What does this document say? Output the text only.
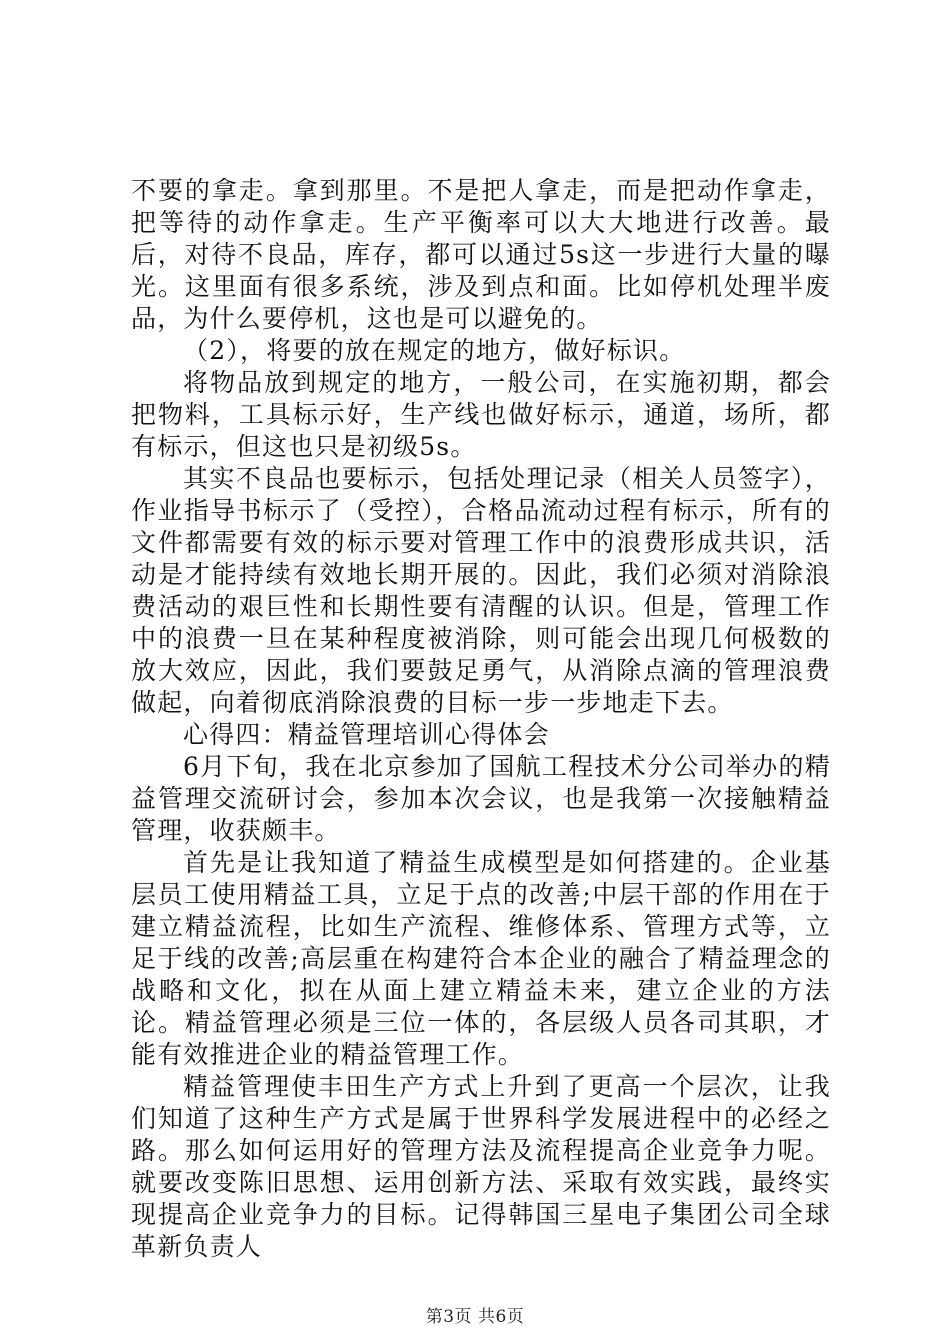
不要的拿走。拿到那里。不是把人拿走，而是把动作拿走，把等待的动作拿走。生产平衡率可以大大地进行改善。最后，对待不良品，库存，都可以通过5s这一步进行大量的曝光。这里面有很多系统，涉及到点和面。比如停机处理半废品，为什么要停机，这也是可以避免的。

（2），将要的放在规定的地方，做好标识。

将物品放到规定的地方，一般公司，在实施初期，都会把物料，工具标示好，生产线也做好标示，通道，场所，都有标示，但这也只是初级5s。

其实不良品也要标示，包括处理记录（相关人员签字），作业指导书标示了（受控），合格品流动过程有标示，所有的文件都需要有效的标示要对管理工作中的浪费形成共识，活动是才能持续有效地长期开展的。因此，我们必须对消除浪费活动的艰巨性和长期性要有清醒的认识。但是，管理工作中的浪费一旦在某种程度被消除，则可能会出现几何极数的放大效应，因此，我们要鼓足勇气，从消除点滴的管理浪费做起，向着彻底消除浪费的目标一步一步地走下去。

心得四：精益管理培训心得体会

6月下旬，我在北京参加了国航工程技术分公司举办的精益管理交流研讨会，参加本次会议，也是我第一次接触精益管理，收获颇丰。

首先是让我知道了精益生成模型是如何搭建的。企业基层员工使用精益工具，立足于点的改善;中层干部的作用在于建立精益流程，比如生产流程、维修体系、管理方式等，立足于线的改善;高层重在构建符合本企业的融合了精益理念的战略和文化，拟在从面上建立精益未来，建立企业的方法论。精益管理必须是三位一体的，各层级人员各司其职，才能有效推进企业的精益管理工作。

精益管理使丰田生产方式上升到了更高一个层次，让我们知道了这种生产方式是属于世界科学发展进程中的必经之路。那么如何运用好的管理方法及流程提高企业竞争力呢。就要改变陈旧思想、运用创新方法、采取有效实践，最终实现提高企业竞争力的目标。记得韩国三星电子集团公司全球革新负责人

第3页 共6页
